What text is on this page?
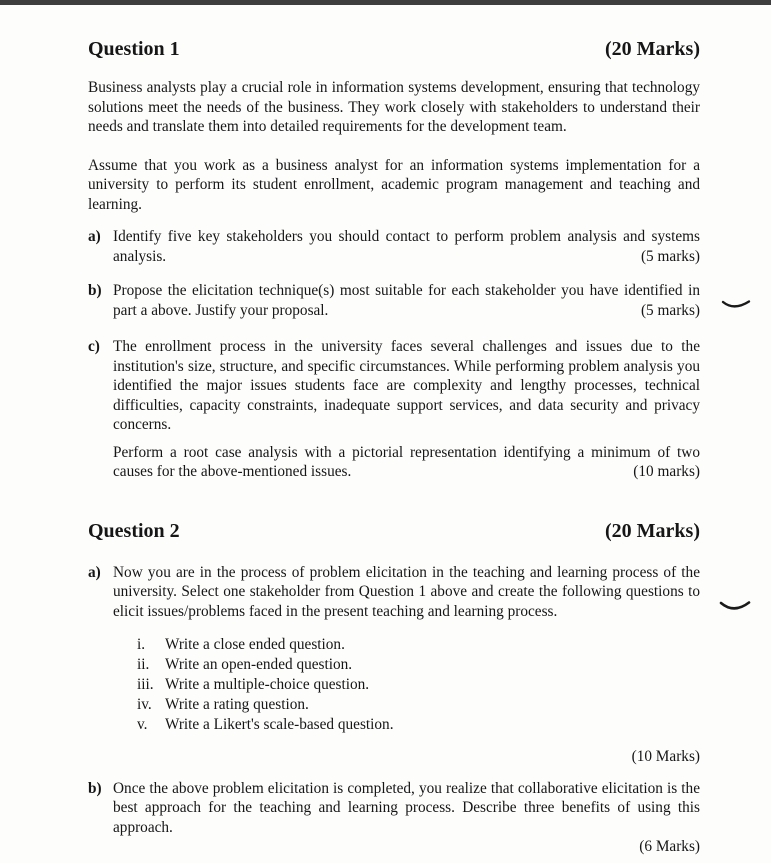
Question 1	(20 Marks)

Business analysts play a crucial role in information systems development, ensuring that technology solutions meet the needs of the business. They work closely with stakeholders to understand their needs and translate them into detailed requirements for the development team.

Assume that you work as a business analyst for an information systems implementation for a university to perform its student enrollment, academic program management and teaching and learning.

a) Identify five key stakeholders you should contact to perform problem analysis and systems analysis.	(5 marks)
b) Propose the elicitation technique(s) most suitable for each stakeholder you have identified in part a above. Justify your proposal.	(5 marks)
c) The enrollment process in the university faces several challenges and issues due to the institution's size, structure, and specific circumstances. While performing problem analysis you identified the major issues students face are complexity and lengthy processes, technical difficulties, capacity constraints, inadequate support services, and data security and privacy concerns.

Perform a root case analysis with a pictorial representation identifying a minimum of two causes for the above-mentioned issues.	(10 marks)

Question 2	(20 Marks)
a) Now you are in the process of problem elicitation in the teaching and learning process of the university. Select one stakeholder from Question 1 above and create the following questions to elicit issues/problems faced in the present teaching and learning process.
i.	Write a close ended question.
ii.	Write an open-ended question.
iii. Write a multiple-choice question.
iv. Write a rating question.
v.	Write a Likert's scale-based question.
(10 Marks)
b) Once the above problem elicitation is completed, you realize that collaborative elicitation is the best approach for the teaching and learning process. Describe three benefits of using this approach.
(6 Marks)
